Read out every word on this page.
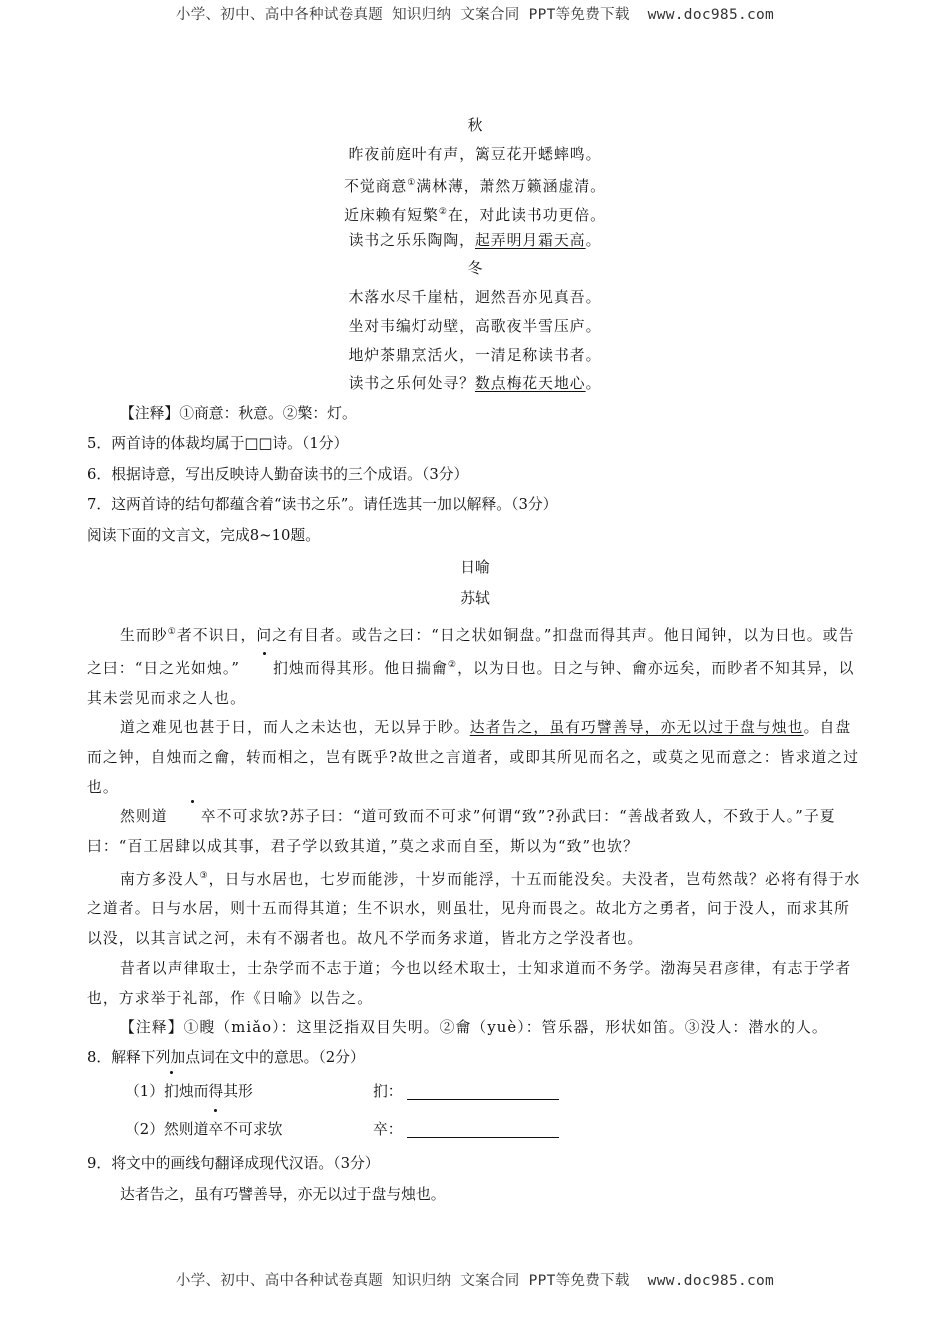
小学、初中、高中各种试卷真题 知识归纳 文案合同 PPT等免费下载 www.doc985.com
秋
昨夜前庭叶有声，篱豆花开蟋蟀鸣。
不觉商意①满林薄，萧然万籁涵虚清。
近床赖有短檠②在，对此读书功更倍。
读书之乐乐陶陶，起弄明月霜天高。
冬
木落水尽千崖枯，迥然吾亦见真吾。
坐对韦编灯动壁，高歌夜半雪压庐。
地炉茶鼎烹活火，一清足称读书者。
读书之乐何处寻？数点梅花天地心。
【注释】①商意：秋意。②檠：灯。
5．两首诗的体裁均属于□□诗。（1分）
6．根据诗意，写出反映诗人勤奋读书的三个成语。（3分）
7．这两首诗的结句都蕴含着“读书之乐”。请任选其一加以解释。（3分）
阅读下面的文言文，完成8~10题。
日喻
苏轼
生而眇①者不识日，问之有目者。或告之曰：“日之状如铜盘。”扣盘而得其声。他日闻钟，以为日也。或告之曰：“日之光如烛。” 扪烛而得其形。他日揣龠②，以为日也。日之与钟、龠亦远矣，而眇者不知其异，以其未尝见而求之人也。
道之难见也甚于日，而人之未达也，无以异于眇。达者告之，虽有巧譬善导，亦无以过于盘与烛也。自盘而之钟，自烛而之龠，转而相之，岂有既乎?故世之言道者，或即其所见而名之，或莫之见而意之：皆求道之过也。
然则道 卒不可求欤?苏子曰：“道可致而不可求”何谓“致”?孙武曰：“善战者致人，不致于人。”子夏曰：“百工居肆以成其事，君子学以致其道，”莫之求而自至，斯以为“致”也欤？
南方多没人③，日与水居也，七岁而能涉，十岁而能浮，十五而能没矣。夫没者，岂苟然哉？必将有得于水之道者。日与水居，则十五而得其道；生不识水，则虽壮，见舟而畏之。故北方之勇者，问于没人，而求其所以没，以其言试之河，未有不溺者也。故凡不学而务求道，皆北方之学没者也。
昔者以声律取士，士杂学而不志于道；今也以经术取士，士知求道而不务学。渤海吴君彦律，有志于学者也，方求举于礼部，作《日喻》以告之。
【注释】①瞍（miǎo）：这里泛指双目失明。②龠（yuè）：管乐器，形状如笛。③没人：潜水的人。
8．解释下列加点词在文中的意思。（2分）
（1）扪烛而得其形	扪：
（2）然则道卒不可求欤	卒：
9．将文中的画线句翻译成现代汉语。（3分）
达者告之，虽有巧譬善导，亦无以过于盘与烛也。
小学、初中、高中各种试卷真题 知识归纳 文案合同 PPT等免费下载 www.doc985.com
